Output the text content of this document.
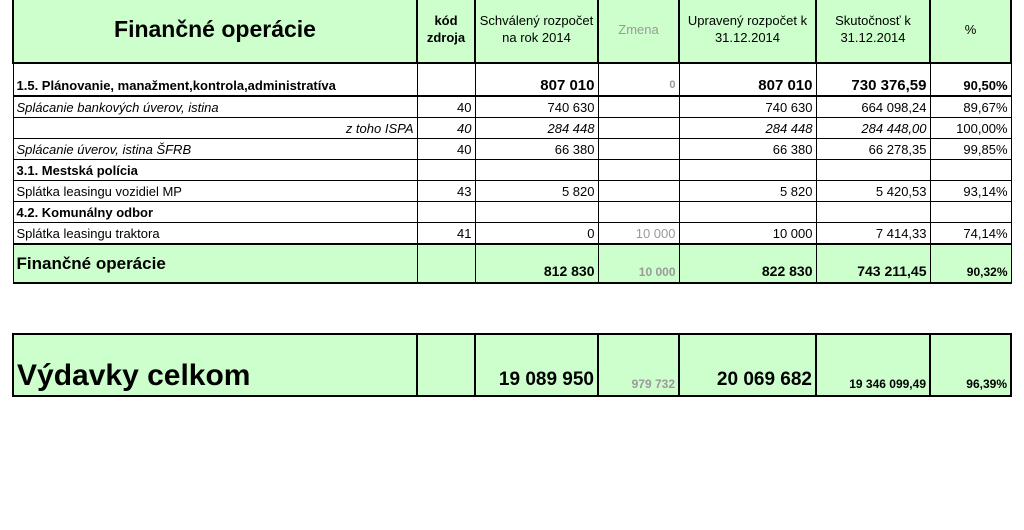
Finančné operácie	kód zdroja	Schválený rozpočet na rok 2014	Zmena	Upravený rozpočet k 31.12.2014	Skutočnosť k 31.12.2014	%

1.5. Plánovanie, manažment,kontrola,administratíva		807 010	0	807 010	730 376,59	90,50%
Splácanie bankových úverov, istina	40	740 630		740 630	664 098,24	89,67%
z toho ISPA	40	284 448		284 448	284 448,00	100,00%
Splácanie úverov, istina ŠFRB	40	66 380		66 380	66 278,35	99,85%
3.1. Mestská polícia						
Splátka leasingu vozidiel MP	43	5 820		5 820	5 420,53	93,14%
4.2. Komunálny odbor						
Splátka leasingu traktora	41	0	10 000	10 000	7 414,33	74,14%
Finančné operácie		812 830	10 000	822 830	743 211,45	90,32%
Výdavky celkom		19 089 950	979 732	20 069 682	19 346 099,49	96,39%
